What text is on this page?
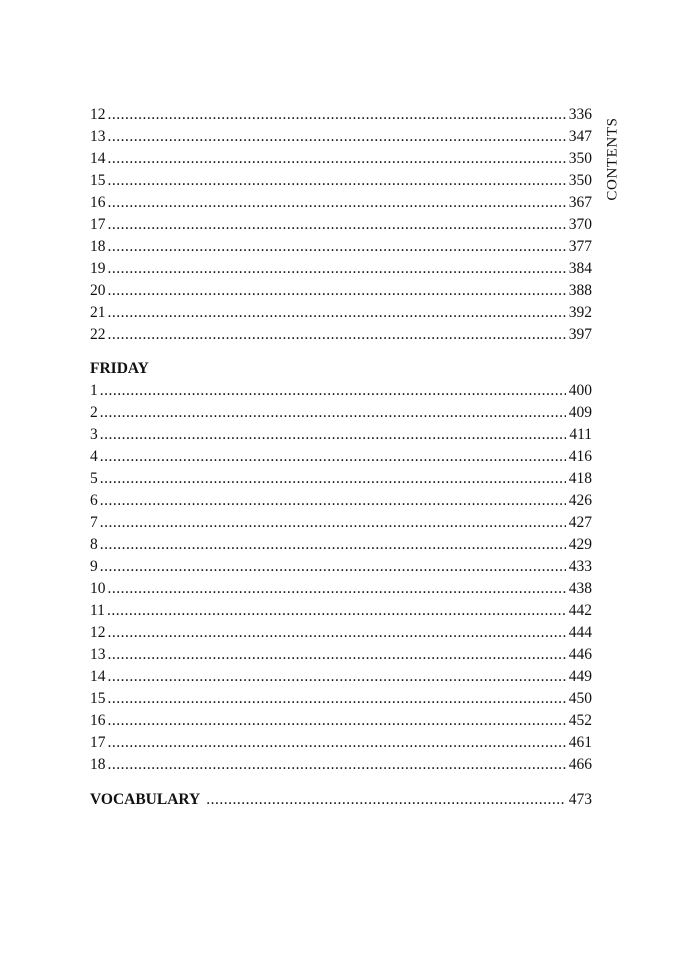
12 .....	336
13 .....	347
14 .....	350
15 .....	350
16 .....	367
17 .....	370
18 .....	377
19 .....	384
20 .....	388
21 .....	392
22 .....	397
FRIDAY
1 .....	400
2 .....	409
3 .....	411
4 .....	416
5 .....	418
6 .....	426
7 .....	427
8 .....	429
9 .....	433
10 .....	438
11 .....	442
12 .....	444
13 .....	446
14 .....	449
15 .....	450
16 .....	452
17 .....	461
18 .....	466
VOCABULARY .....	473
CONTENTS
